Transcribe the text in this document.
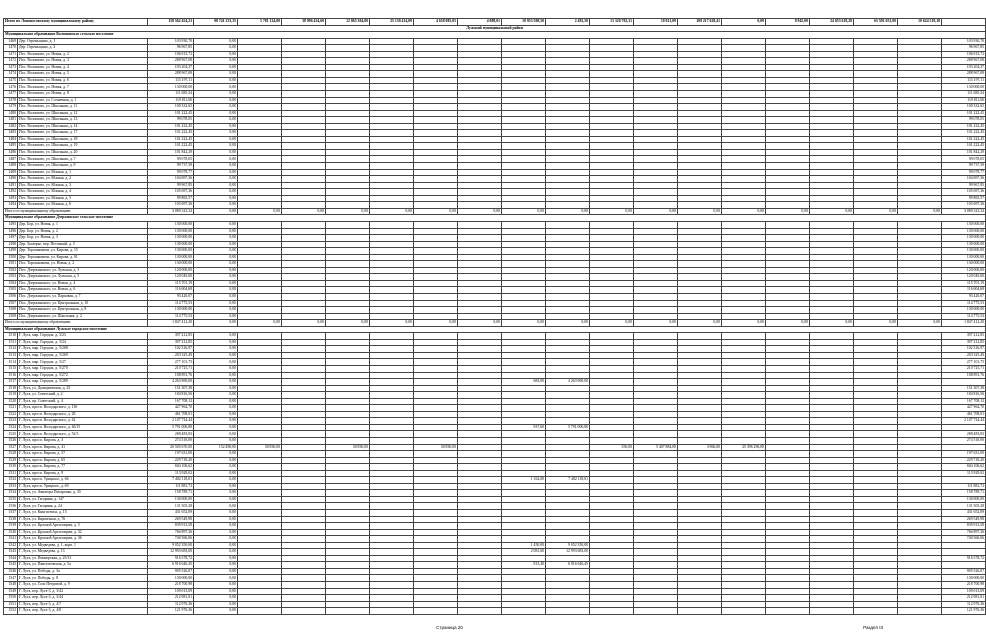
Итого по Ломоносовскому муниципальному району		158 562 454,23	98 741 233,35	5 781 124,00	38 996 434,60	12 865 304,00	25 130 414,00	4 658 085,05	4 088,01	10 953 508,50	2 492,50	13 320 702,31	10 921,00	109 217 628,41	0,00	8 945,00	24 053 618,28	65 591 653,00	10 624 519,18	
Лужский муниципальный район																				
Муниципальное образование Волошовское сельское поселение																				
1469	Дер. Огреньщино, д. 1	103 930,70	0,00																	103 930,70
1470	Дер. Огреньщино, д. 2	96 967,85	0,00																	96 967,85
1471	Пос. Волошово, ул. Новая, д. 2	106 913,72	0,00																	106 913,72
1472	Пос. Волошово, ул. Новая, д. 3	288 967,08	0,00																	288 967,08
1473	Пос. Волошово, ул. Новая, д. 4	103 204,37	0,00																	103 204,37
1474	Пос. Волошово, ул. Новая, д. 5	288 967,08	0,00																	288 967,08
1475	Пос. Волошово, ул. Новая, д. 6	115 197,11	0,00																	115 197,11
1476	Пос. Волошово, ул. Новая, д. 7	130 000,00	0,00																	130 000,00
1477	Пос. Волошово, ул. Новая, д. 8	111 685,34	0,00																	111 685,34
1478	Пос. Волошово, ул. Солнечная, д. 1	119 811,06	0,00																	119 811,06
1479	Пос. Волошово, ул. Школьная, д. 11	100 332,65	0,00																	100 332,65
1480	Пос. Волошово, ул. Школьная, д. 12	101 222,45	0,00																	101 222,45
1481	Пос. Волошово, ул. Школьная, д. 13	99 078,05	0,00																	99 078,05
1482	Пос. Волошово, ул. Школьная, д. 14	101 222,45	0,00																	101 222,45
1483	Пос. Волошово, ул. Школьная, д. 17	101 222,45	0,00																	101 222,45
1484	Пос. Волошово, ул. Школьная, д. 18	101 222,45	0,00																	101 222,45
1485	Пос. Волошово, ул. Школьная, д. 19	101 222,45	0,00																	101 222,45
1486	Пос. Волошово, ул. Школьная, д. 20	101 842,29	0,00																	101 842,29
1487	Пос. Волошово, ул. Школьная, д. 7	99 078,05	0,00																	99 078,05
1488	Пос. Волошово, ул. Школьная, д. 9	99 737,39	0,00																	99 737,39
1489	Пос. Волошово, ул. Южная, д. 1	99 078,77	0,00																	99 078,77
1490	Пос. Волошово, ул. Южная, д. 2	104 697,36	0,00																	104 697,36
1491	Пос. Волошово, ул. Южная, д. 3	99 967,85	0,00																	99 967,85
1492	Пос. Волошово, ул. Южная, д. 4	105 697,36	0,00																	105 697,36
1493	Пос. Волошово, ул. Южная, д. 5	99 865,57	0,00																	99 865,57
1494	Пос. Волошово, ул. Южная, д. 6	105 697,36	0,00																	105 697,36
Итого по муниципальному образованию		3 080 323,34	0,00	0,00	0,00	0,00	0,00	0,00	0,00	0,00	0,00	0,00	0,00	0,00	0,00	0,00	0,00	0,00	0,00	3 080 323,34
Муниципальное образование Дзержинское сельское поселение																				
1495	Дер. Бор, ул. Новая, д. 1	130 000,00	0,00																	130 000,00
1496	Дер. Бор, ул. Новая, д. 2	130 000,00	0,00																	130 000,00
1497	Дер. Бор, ул. Новая, д. 3	130 000,00	0,00																	130 000,00
1498	Дер. Заозерье, пер. Песочный, д. 3	130 000,00	0,00																	130 000,00
1499	Дер. Торошковичи, ул. Кирова, д. 15	130 000,00	0,00																	130 000,00
1500	Дер. Торошковичи, ул. Кирова, д. 91	130 000,00	0,00																	130 000,00
1501	Пос. Торошковичи, ул. Новая, д. 2	130 000,00	0,00																	130 000,00
1502	Пос. Дзержинского, ул. Лужская, д. 3	120 000,00	0,00																	120 000,00
1503	Пос. Дзержинского, ул. Лужская, д. 5	120 049,00	0,00																	120 049,00
1504	Пос. Дзержинского, ул. Новая, д. 4	115 701,19	0,00																	115 701,19
1505	Пос. Дзержинского, ул. Новая, д. 6	116 604,68	0,00																	116 604,68
1506	Пос. Дзержинского, ул. Парковая, д. 7	93 420,07	0,00																	93 420,07
1507	Пос. Дзержинского, ул. Центральная, д. 10	114 775,53	0,00																	114 775,53
1508	Пос. Дзержинского, ул. Центральная, д. 8	130 000,00	0,00																	130 000,00
1509	Пос. Дзержинского, ул. Школьная, д. 2	114 775,53	0,00																	114 775,53
Итого по муниципальному образованию		1 847 412,20	0,00	0,00	0,00	0,00	0,00	0,00	0,00	0,00	0,00	0,00	0,00	0,00	0,00	0,00	0,00	0,00	0,00	1 847 412,20
Муниципальное образование Лужское городское поселение																				
1510	Г. Луга, мкр. Городок, д. 3/23	397 212,85	0,00																	397 212,85
1511	Г. Луга, мкр. Городок, д. 3/24	397 212,85	0,00																	397 212,85
1512	Г. Луга, мкр. Городок, д. 5/268	102 316,97	0,00																	102 316,97
1513	Г. Луга, мкр. Городок, д. 5/269	203 325,49	0,00																	203 325,49
1514	Г. Луга, мкр. Городок, д. 5/27	277 101,75	0,00																	277 101,75
1515	Г. Луга, мкр. Городок, д. 5/270	210 725,71	0,00																	210 725,71
1516	Г. Луга, мкр. Городок, д. 5/272	108 891,76	0,00																	108 891,76
1517	Г. Луга, мкр. Городок, д. 5/289	4 263 969,00	0,00							683,00	4 263 969,00									
1518	Г. Луга, ул. Дмитриевская, д. 25	151 307,38	0,00																	151 307,38
1519	Г. Луга, ул. Советский, д. 2	184 816,56	0,00																	184 816,56
1520	Г. Луга, пр. Советский, д. 4	167 708,12	0,00																	167 708,12
1521	Г. Луга, просп. Володарского, д. 13б	427 964,70	0,00																	427 964,70
1522	Г. Луга, просп. Володарского, д. 28	461 708,01	0,00																	461 708,01
1523	Г. Луга, просп. Володарского, д. 42	2 107 724,44	0,00																	2 107 724,44
1524	Г. Луга, просп. Володарского, д. 46/15	5 791 006,80	0,00							937,60	5 791 006,80									
1525	Г. Луга, просп. Володарского, д. 52/3	288 483,83	0,00																	288 483,83
1526	Г. Луга, просп. Кирова, д. 3	274 518,00	0,00																	274 518,00
1527	Г. Луга, просп. Кирова, д. 41	20 505 670,00	152 490,00	30 830,00		30 830,00		30 830,00				556,00	5 407 884,00	3 966,00	25 396 296,00					
1528	Г. Луга, просп. Кирова, д. 57	197 631,00	0,00																	197 631,00
1529	Г. Луга, просп. Кирова, д. 65	229 718,20	0,00																	229 718,20
1530	Г. Луга, просп. Кирова, д. 77	604 106,62	0,00																	604 106,62
1531	Г. Луга, просп. Кирова, д. 9	113 929,02	0,00																	113 929,02
1532	Г. Луга, просп. Урицкого, д. 66	7 482 118,01	0,00							1 162,00	7 482 118,01									
1533	Г. Луга, просп. Урицкого, д. 69	111 881,72	0,00																	111 881,72
1534	Г. Луга, ул. Авиатора Писаренко, д. 35	158 789,71	0,00																	158 789,71
1535	Г. Луга, ул. Гагарина, д. 147	130 000,00	0,00																	130 000,00
1536	Г. Луга, ул. Гагарина, д. 24	131 505,28	0,00																	131 505,28
1537	Г. Луга, ул. Кингисеппа, д. 15	431 652,09	0,00																	431 652,09
1538	Г. Луга, ул. Кирпичная, д. 76	269 549,98	0,00																	269 549,98
1539	Г. Луга, ул. Красной Артиллерии, д. 5	839 913,58	0,00																	839 913,58
1540	Г. Луга, ул. Красной Артиллерии, д. 32	766 897,36	0,00																	766 897,36
1541	Г. Луга, ул. Красной Артиллерии, д. 36	740 566,06	0,00																	740 566,06
1542	Г. Луга, ул. Медведева, д. 1, корп. 1	9 052 350,00	0,00							1 450,00	9 052 350,00									
1543	Г. Луга, ул. Медведева, д. 13	12 993 683,00	0,00							2 081,00	12 993 683,00									
1544	Г. Луга, ул. Пионерская, д. 25/31	916 578,72	0,00																	916 578,72
1545	Г. Луга, ул. Пантелеевская, д. 5а	6 916 646,45	0,00							813,40	6 916 646,45									
1546	Г. Луга, ул. Победы, д. 3а	905 526,07	0,00																	905 526,07
1547	Г. Луга, ул. Победы, д. 8	130 000,00	0,00																	130 000,00
1548	Г. Луга, ул. Тоси Петровой, д. 9	218 700,98	0,00																	218 700,98
1549	Г. Луга, пер. Луга-3, д. 3/42	109 013,09	0,00																	109 013,09
1550	Г. Луга, пер. Луга-3, д. 3/44	212 981,01	0,00																	212 981,01
1551	Г. Луга, пер. Луга-3, д. 4/7	112 976,36	0,00																	112 976,36
1552	Г. Луга, пер. Луга-3, д. 4/8	121 976,36	0,00																	121 976,36
Страница 20	Раздел III
